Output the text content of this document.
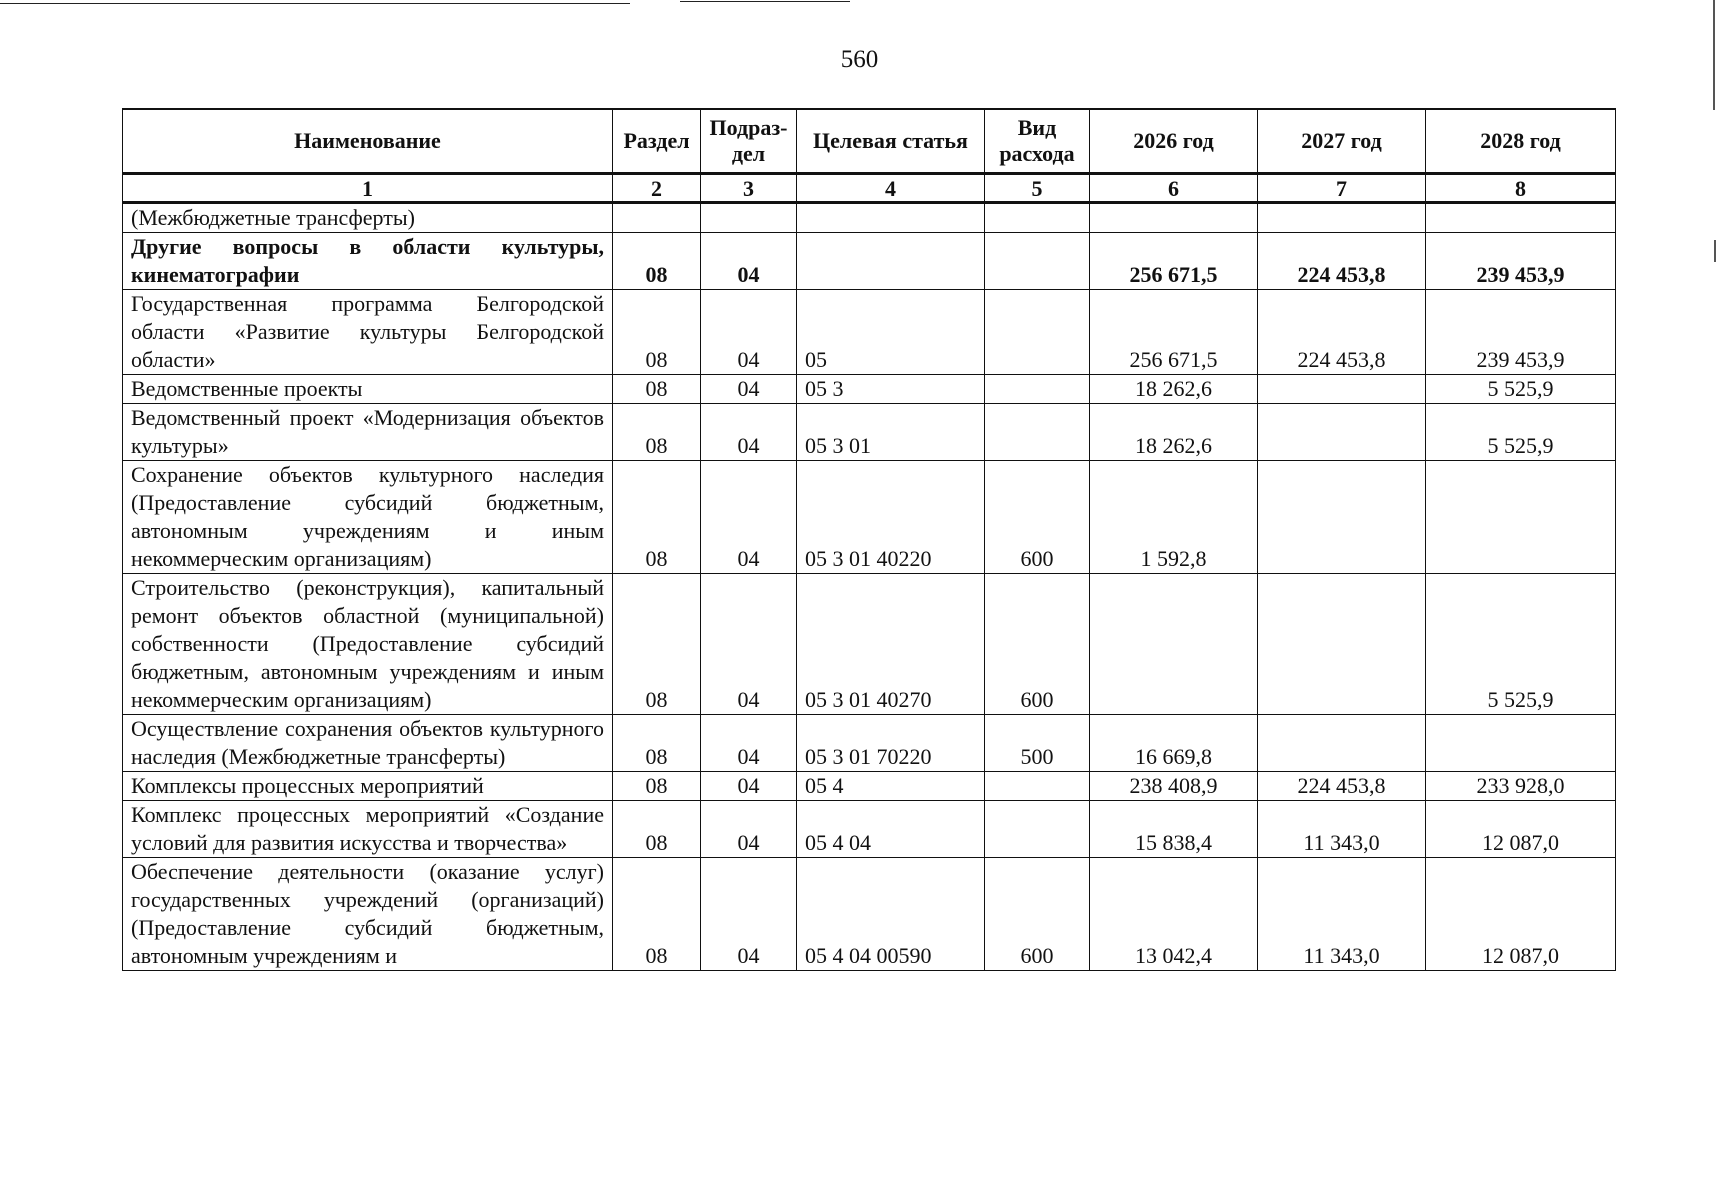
560
Наименование	Раздел	Подраз-дел	Целевая статья	Вид расхода	2026 год	2027 год	2028 год
1	2	3	4	5	6	7	8
(Межбюджетные трансферты)							
Другие вопросы в области культуры, кинематографии	08	04			256 671,5	224 453,8	239 453,9
Государственная программа Белгородской области «Развитие культуры Белгородской области»	08	04	05		256 671,5	224 453,8	239 453,9
Ведомственные проекты	08	04	05 3		18 262,6		5 525,9
Ведомственный проект «Модернизация объектов культуры»	08	04	05 3 01		18 262,6		5 525,9
Сохранение объектов культурного наследия (Предоставление субсидий бюджетным, автономным учреждениям и иным некоммерческим организациям)	08	04	05 3 01 40220	600	1 592,8		
Строительство (реконструкция), капитальный ремонт объектов областной (муниципальной) собственности (Предоставление субсидий бюджетным, автономным учреждениям и иным некоммерческим организациям)	08	04	05 3 01 40270	600			5 525,9
Осуществление сохранения объектов культурного наследия (Межбюджетные трансферты)	08	04	05 3 01 70220	500	16 669,8		
Комплексы процессных мероприятий	08	04	05 4		238 408,9	224 453,8	233 928,0
Комплекс процессных мероприятий «Создание условий для развития искусства и творчества»	08	04	05 4 04		15 838,4	11 343,0	12 087,0
Обеспечение деятельности (оказание услуг) государственных учреждений (организаций) (Предоставление субсидий бюджетным, автономным учреждениям и	08	04	05 4 04 00590	600	13 042,4	11 343,0	12 087,0
